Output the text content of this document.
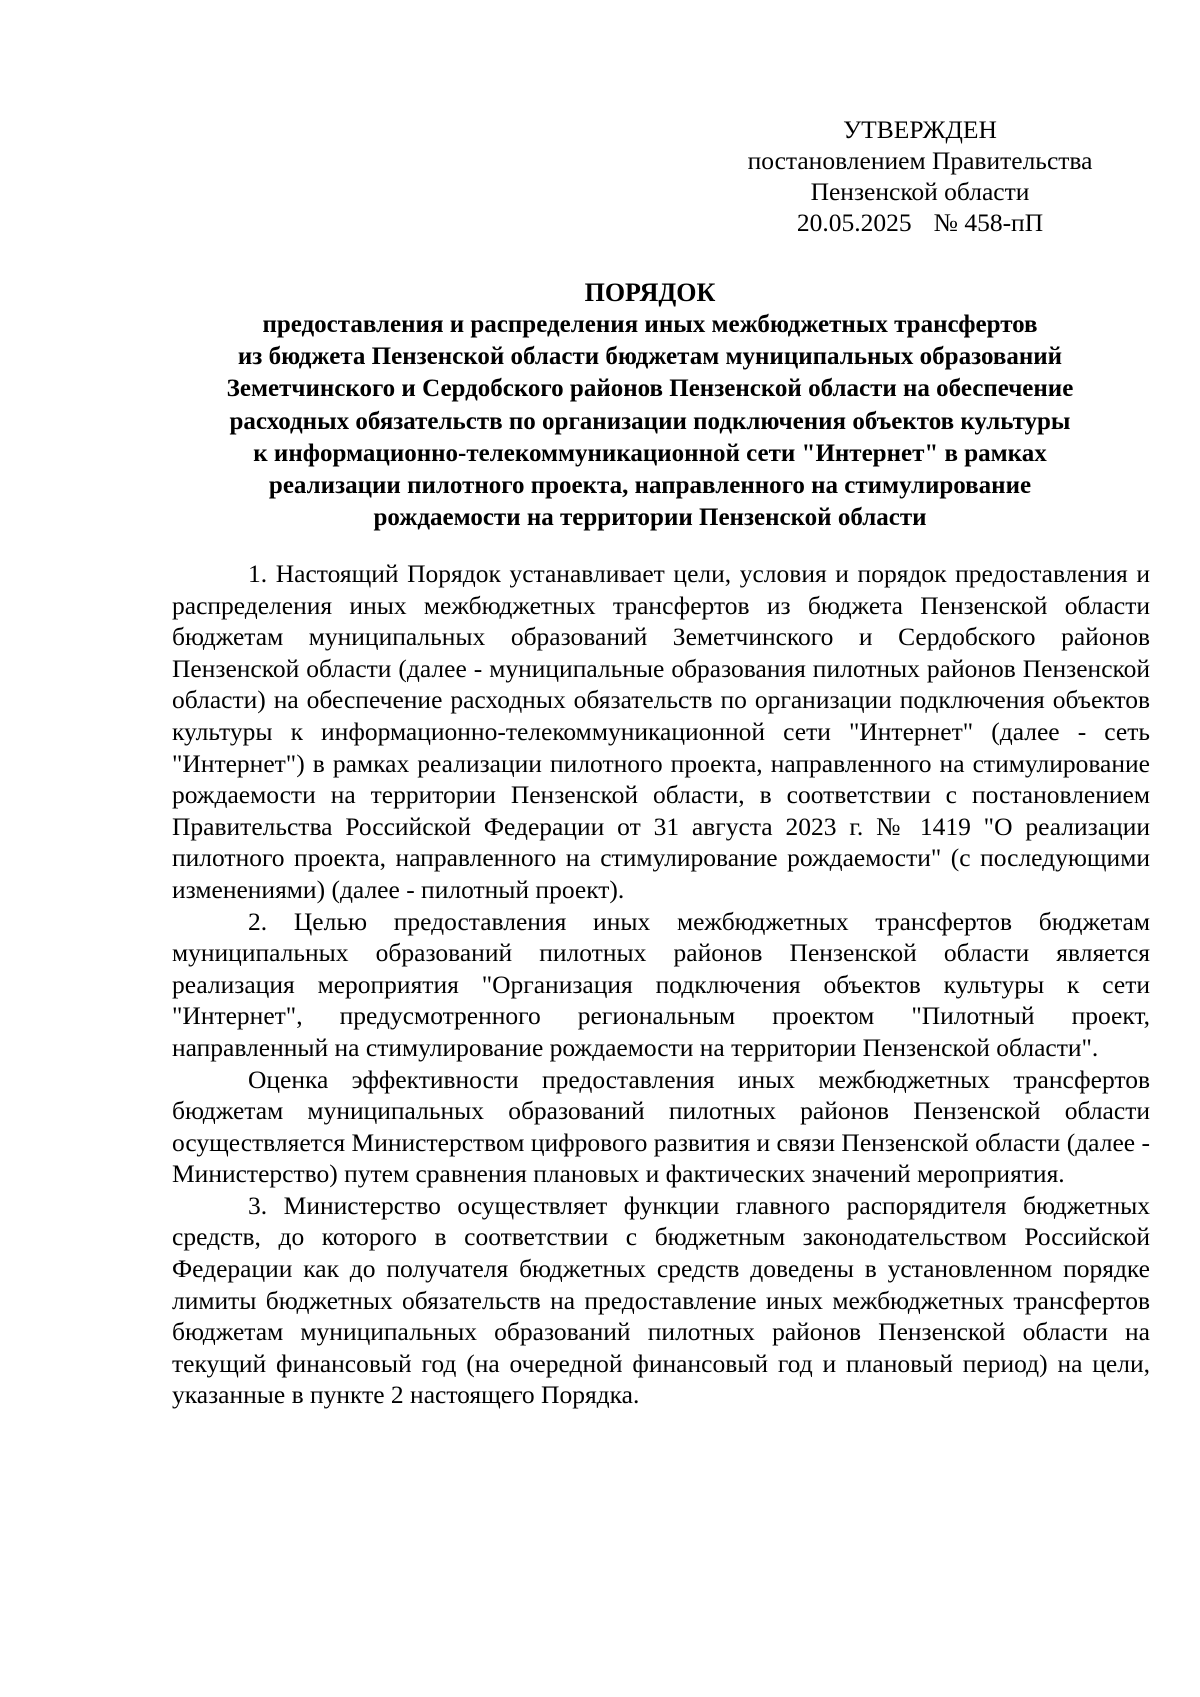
УТВЕРЖДЕН
постановлением Правительства
Пензенской области
20.05.2025 № 458-пП
ПОРЯДОК
предоставления и распределения иных межбюджетных трансфертов
из бюджета Пензенской области бюджетам муниципальных образований
Земетчинского и Сердобского районов Пензенской области на обеспечение
расходных обязательств по организации подключения объектов культуры
к информационно-телекоммуникационной сети "Интернет" в рамках
реализации пилотного проекта, направленного на стимулирование
рождаемости на территории Пензенской области

1. Настоящий Порядок устанавливает цели, условия и порядок предоставления и распределения иных межбюджетных трансфертов из бюджета Пензенской области бюджетам муниципальных образований Земетчинского и Сердобского районов Пензенской области (далее - муниципальные образования пилотных районов Пензенской области) на обеспечение расходных обязательств по организации подключения объектов культуры к информационно-телекоммуникационной сети "Интернет" (далее - сеть "Интернет") в рамках реализации пилотного проекта, направленного на стимулирование рождаемости на территории Пензенской области, в соответствии с постановлением Правительства Российской Федерации от 31 августа 2023 г. № 1419 "О реализации пилотного проекта, направленного на стимулирование рождаемости" (с последующими изменениями) (далее - пилотный проект).

2. Целью предоставления иных межбюджетных трансфертов бюджетам муниципальных образований пилотных районов Пензенской области является реализация мероприятия "Организация подключения объектов культуры к сети "Интернет", предусмотренного региональным проектом "Пилотный проект, направленный на стимулирование рождаемости на территории Пензенской области".

Оценка эффективности предоставления иных межбюджетных трансфертов бюджетам муниципальных образований пилотных районов Пензенской области осуществляется Министерством цифрового развития и связи Пензенской области (далее - Министерство) путем сравнения плановых и фактических значений мероприятия.

3. Министерство осуществляет функции главного распорядителя бюджетных средств, до которого в соответствии с бюджетным законодательством Российской Федерации как до получателя бюджетных средств доведены в установленном порядке лимиты бюджетных обязательств на предоставление иных межбюджетных трансфертов бюджетам муниципальных образований пилотных районов Пензенской области на текущий финансовый год (на очередной финансовый год и плановый период) на цели, указанные в пункте 2 настоящего Порядка.
